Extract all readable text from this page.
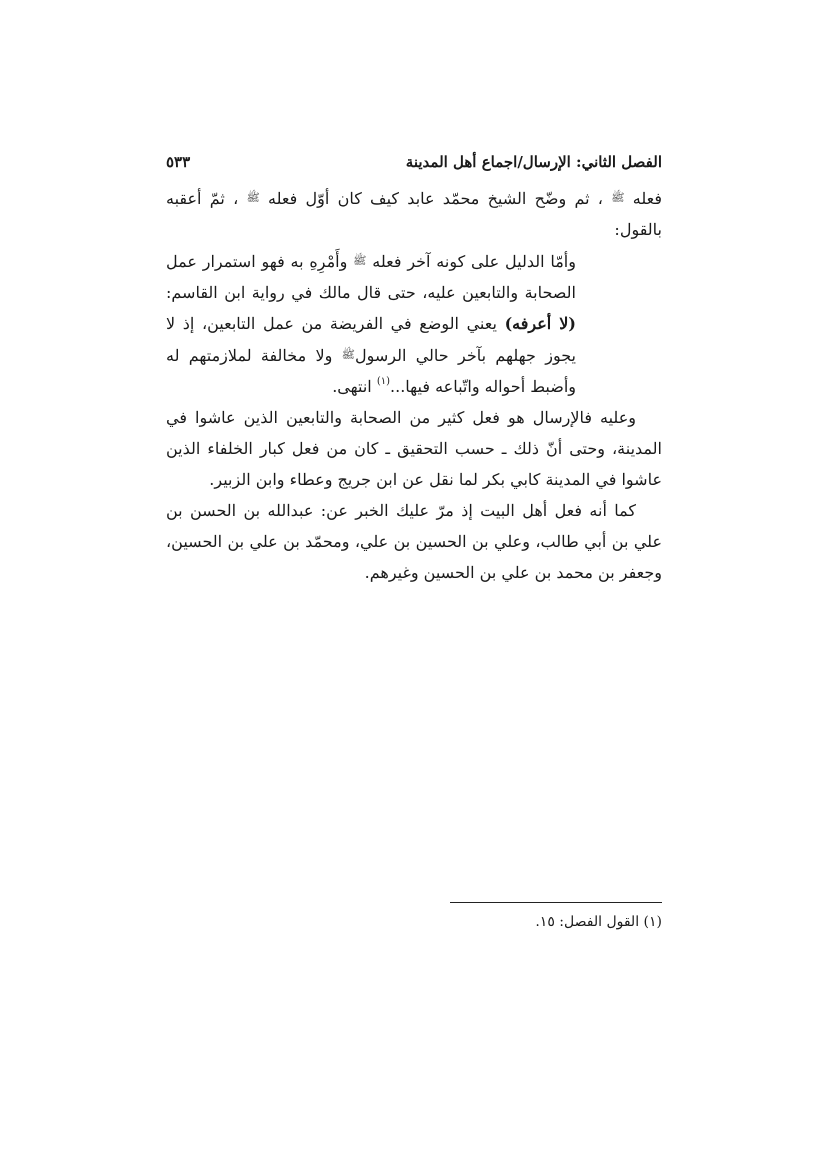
الفصل الثاني: الإرسال/اجماع أهل المدينة
٥٣٣

فعله ﷺ ، ثم وضّح الشيخ محمّد عابد كيف كان أوّل فعله ﷺ ، ثمّ أعقبه بالقول:

وأمّا الدليل على كونه آخر فعله ﷺ وأَمْرِهِ به فهو استمرار عمل الصحابة والتابعين عليه، حتى قال مالك في رواية ابن القاسم: (لا أعرفه) يعني الوضع في الفريضة من عمل التابعين، إذ لا يجوز جهلهم بآخر حالي الرسولﷺ ولا مخالفة لملازمتهم له وأضبط أحواله واتّباعه فيها...$^{(١)}$ انتهى.

وعليه فالإرسال هو فعل كثير من الصحابة والتابعين الذين عاشوا في المدينة، وحتى أنّ ذلك ـ حسب التحقيق ـ كان من فعل كبار الخلفاء الذين عاشوا في المدينة كابي بكر لما نقل عن ابن جريج وعطاء وابن الزبير.

كما أنه فعل أهل البيت إذ مرّ عليك الخبر عن: عبدالله بن الحسن بن علي بن أبي طالب، وعلي بن الحسين بن علي، ومحمّد بن علي بن الحسين، وجعفر بن محمد بن علي بن الحسين وغيرهم.

(١) القول الفصل: ١٥.
